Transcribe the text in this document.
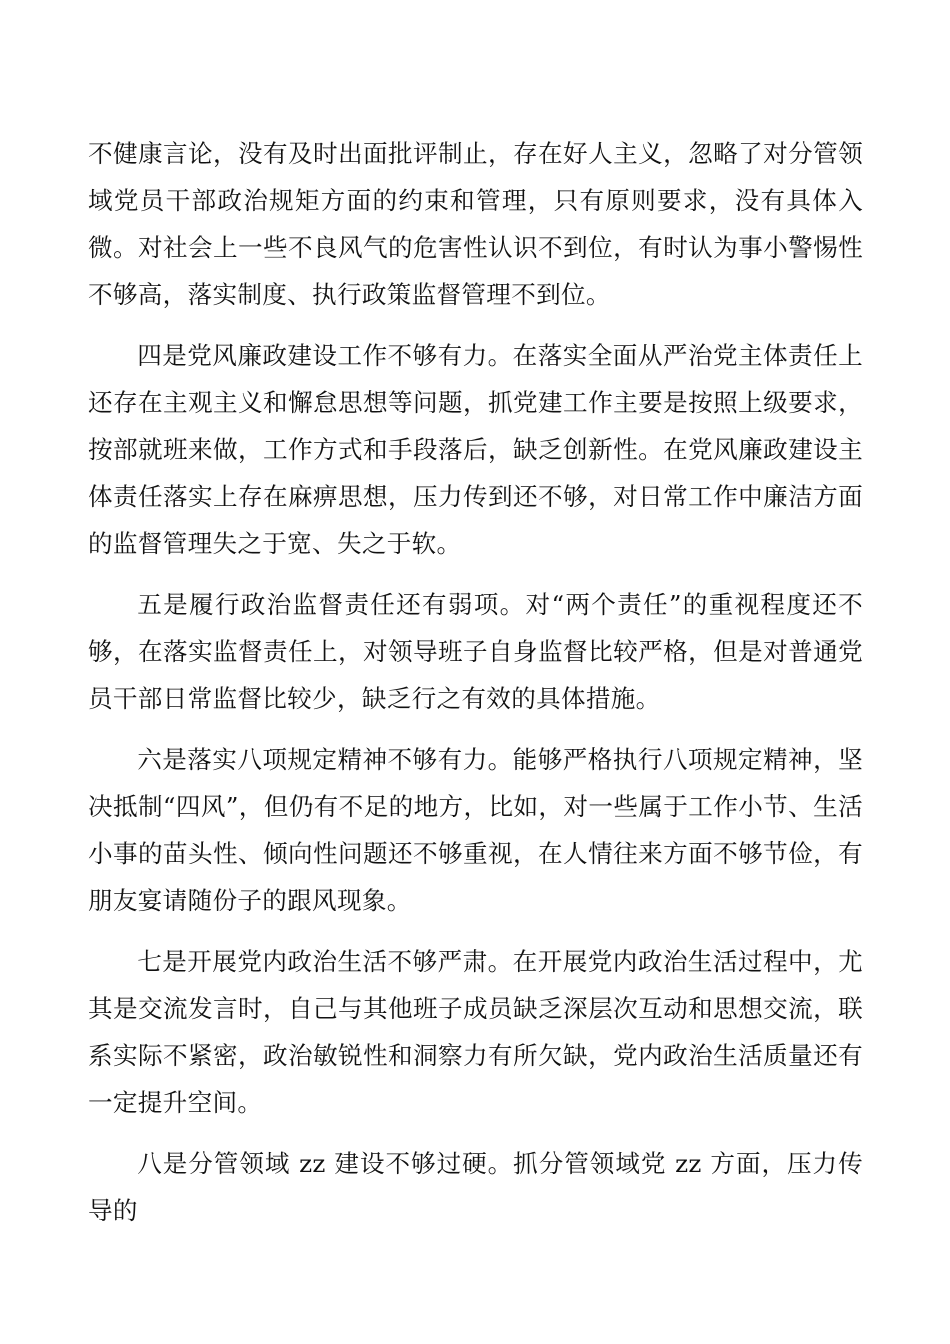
不健康言论，没有及时出面批评制止，存在好人主义，忽略了对分管领域党员干部政治规矩方面的约束和管理，只有原则要求，没有具体入微。对社会上一些不良风气的危害性认识不到位，有时认为事小警惕性不够高，落实制度、执行政策监督管理不到位。

四是党风廉政建设工作不够有力。在落实全面从严治党主体责任上还存在主观主义和懈怠思想等问题，抓党建工作主要是按照上级要求，按部就班来做，工作方式和手段落后，缺乏创新性。在党风廉政建设主体责任落实上存在麻痹思想，压力传到还不够，对日常工作中廉洁方面的监督管理失之于宽、失之于软。

五是履行政治监督责任还有弱项。对“两个责任”的重视程度还不够，在落实监督责任上，对领导班子自身监督比较严格，但是对普通党员干部日常监督比较少，缺乏行之有效的具体措施。

六是落实八项规定精神不够有力。能够严格执行八项规定精神，坚决抵制“四风”，但仍有不足的地方，比如，对一些属于工作小节、生活小事的苗头性、倾向性问题还不够重视，在人情往来方面不够节俭，有朋友宴请随份子的跟风现象。

七是开展党内政治生活不够严肃。在开展党内政治生活过程中，尤其是交流发言时，自己与其他班子成员缺乏深层次互动和思想交流，联系实际不紧密，政治敏锐性和洞察力有所欠缺，党内政治生活质量还有一定提升空间。

八是分管领域 zz 建设不够过硬。抓分管领域党 zz 方面，压力传导的
